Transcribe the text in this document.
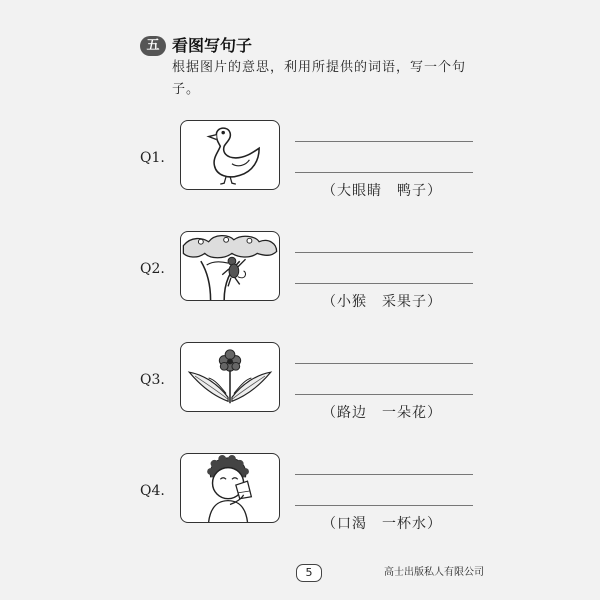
五 看图写句子
根据图片的意思，利用所提供的词语，写一个句子。
Q1.
（大眼睛　鸭子）
Q2.
（小猴　采果子）
Q3.
（路边　一朵花）
Q4.
（口渴　一杯水）
5	高士出版私人有限公司
